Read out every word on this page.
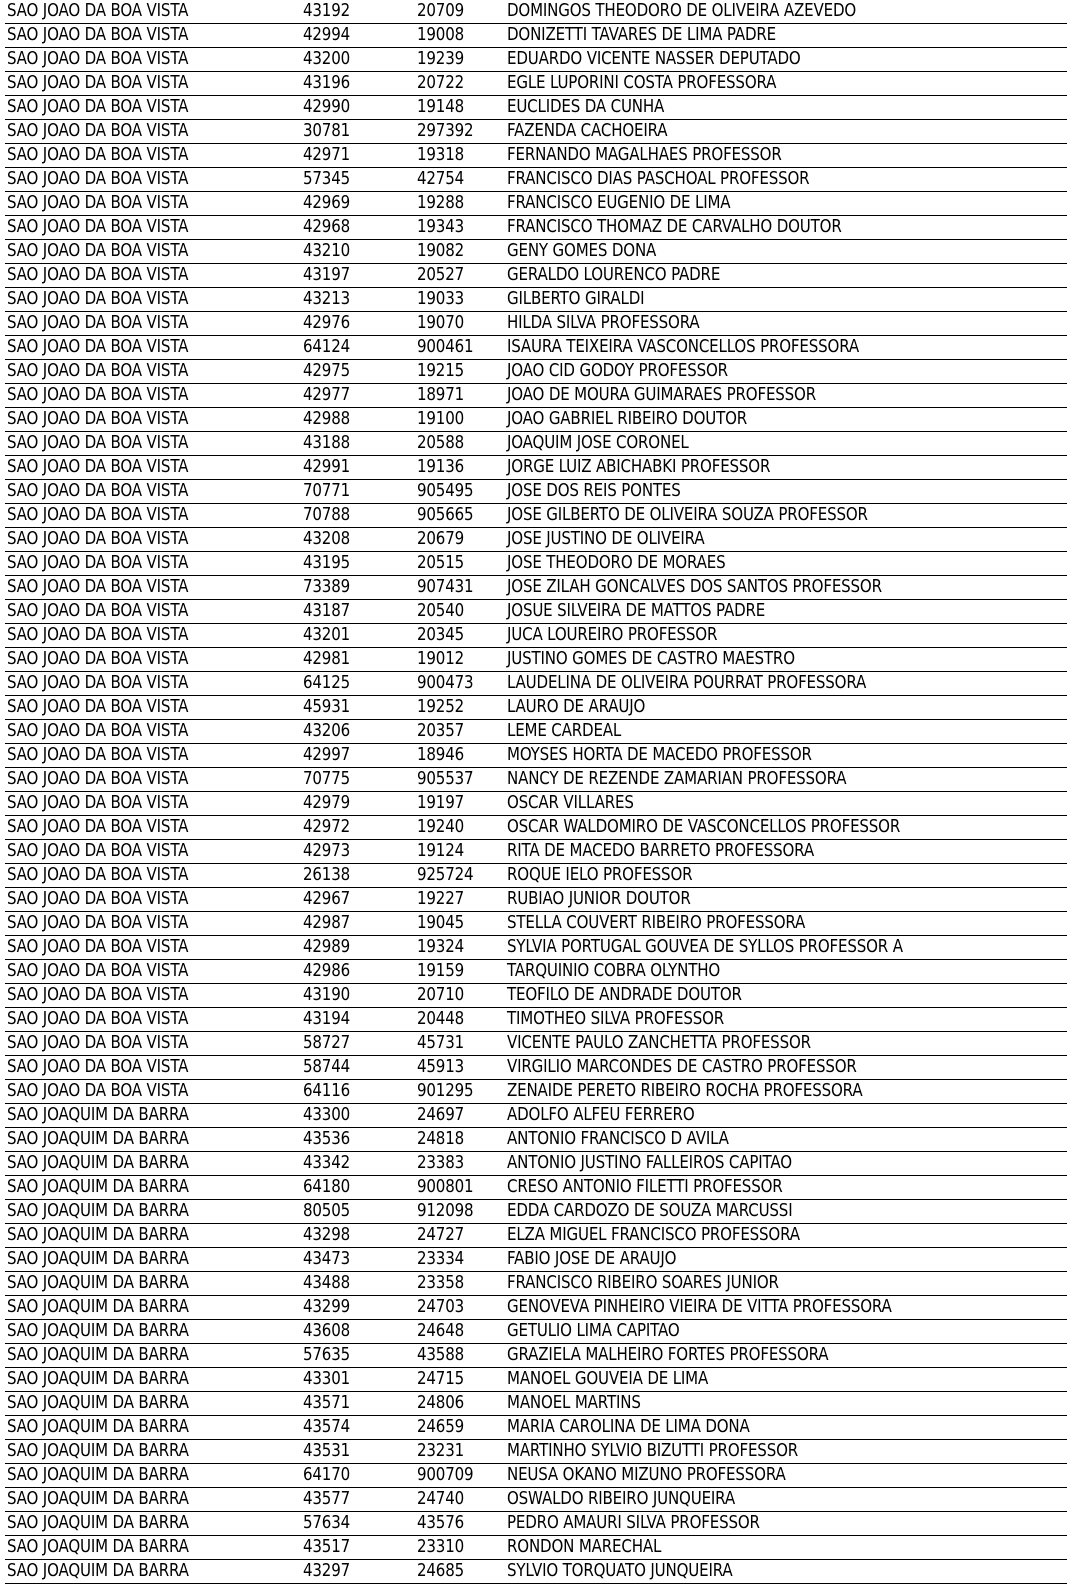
SAO JOAO DA BOA VISTA	43192	20709	DOMINGOS THEODORO DE OLIVEIRA AZEVEDO
SAO JOAO DA BOA VISTA	42994	19008	DONIZETTI TAVARES DE LIMA PADRE
SAO JOAO DA BOA VISTA	43200	19239	EDUARDO VICENTE NASSER DEPUTADO
SAO JOAO DA BOA VISTA	43196	20722	EGLE LUPORINI COSTA PROFESSORA
SAO JOAO DA BOA VISTA	42990	19148	EUCLIDES DA CUNHA
SAO JOAO DA BOA VISTA	30781	297392	FAZENDA CACHOEIRA
SAO JOAO DA BOA VISTA	42971	19318	FERNANDO MAGALHAES PROFESSOR
SAO JOAO DA BOA VISTA	57345	42754	FRANCISCO DIAS PASCHOAL PROFESSOR
SAO JOAO DA BOA VISTA	42969	19288	FRANCISCO EUGENIO DE LIMA
SAO JOAO DA BOA VISTA	42968	19343	FRANCISCO THOMAZ DE CARVALHO DOUTOR
SAO JOAO DA BOA VISTA	43210	19082	GENY GOMES DONA
SAO JOAO DA BOA VISTA	43197	20527	GERALDO LOURENCO PADRE
SAO JOAO DA BOA VISTA	43213	19033	GILBERTO GIRALDI
SAO JOAO DA BOA VISTA	42976	19070	HILDA SILVA PROFESSORA
SAO JOAO DA BOA VISTA	64124	900461	ISAURA TEIXEIRA VASCONCELLOS PROFESSORA
SAO JOAO DA BOA VISTA	42975	19215	JOAO CID GODOY PROFESSOR
SAO JOAO DA BOA VISTA	42977	18971	JOAO DE MOURA GUIMARAES PROFESSOR
SAO JOAO DA BOA VISTA	42988	19100	JOAO GABRIEL RIBEIRO DOUTOR
SAO JOAO DA BOA VISTA	43188	20588	JOAQUIM JOSE CORONEL
SAO JOAO DA BOA VISTA	42991	19136	JORGE LUIZ ABICHABKI PROFESSOR
SAO JOAO DA BOA VISTA	70771	905495	JOSE DOS REIS PONTES
SAO JOAO DA BOA VISTA	70788	905665	JOSE GILBERTO DE OLIVEIRA SOUZA PROFESSOR
SAO JOAO DA BOA VISTA	43208	20679	JOSE JUSTINO DE OLIVEIRA
SAO JOAO DA BOA VISTA	43195	20515	JOSE THEODORO DE MORAES
SAO JOAO DA BOA VISTA	73389	907431	JOSE ZILAH GONCALVES DOS SANTOS PROFESSOR
SAO JOAO DA BOA VISTA	43187	20540	JOSUE SILVEIRA DE MATTOS PADRE
SAO JOAO DA BOA VISTA	43201	20345	JUCA LOUREIRO PROFESSOR
SAO JOAO DA BOA VISTA	42981	19012	JUSTINO GOMES DE CASTRO MAESTRO
SAO JOAO DA BOA VISTA	64125	900473	LAUDELINA DE OLIVEIRA POURRAT PROFESSORA
SAO JOAO DA BOA VISTA	45931	19252	LAURO DE ARAUJO
SAO JOAO DA BOA VISTA	43206	20357	LEME CARDEAL
SAO JOAO DA BOA VISTA	42997	18946	MOYSES HORTA DE MACEDO PROFESSOR
SAO JOAO DA BOA VISTA	70775	905537	NANCY DE REZENDE ZAMARIAN PROFESSORA
SAO JOAO DA BOA VISTA	42979	19197	OSCAR VILLARES
SAO JOAO DA BOA VISTA	42972	19240	OSCAR WALDOMIRO DE VASCONCELLOS PROFESSOR
SAO JOAO DA BOA VISTA	42973	19124	RITA DE MACEDO BARRETO PROFESSORA
SAO JOAO DA BOA VISTA	26138	925724	ROQUE IELO PROFESSOR
SAO JOAO DA BOA VISTA	42967	19227	RUBIAO JUNIOR DOUTOR
SAO JOAO DA BOA VISTA	42987	19045	STELLA COUVERT RIBEIRO PROFESSORA
SAO JOAO DA BOA VISTA	42989	19324	SYLVIA PORTUGAL GOUVEA DE SYLLOS PROFESSOR A
SAO JOAO DA BOA VISTA	42986	19159	TARQUINIO COBRA OLYNTHO
SAO JOAO DA BOA VISTA	43190	20710	TEOFILO DE ANDRADE DOUTOR
SAO JOAO DA BOA VISTA	43194	20448	TIMOTHEO SILVA PROFESSOR
SAO JOAO DA BOA VISTA	58727	45731	VICENTE PAULO ZANCHETTA PROFESSOR
SAO JOAO DA BOA VISTA	58744	45913	VIRGILIO MARCONDES DE CASTRO PROFESSOR
SAO JOAO DA BOA VISTA	64116	901295	ZENAIDE PERETO RIBEIRO ROCHA PROFESSORA
SAO JOAQUIM DA BARRA	43300	24697	ADOLFO ALFEU FERRERO
SAO JOAQUIM DA BARRA	43536	24818	ANTONIO FRANCISCO D AVILA
SAO JOAQUIM DA BARRA	43342	23383	ANTONIO JUSTINO FALLEIROS CAPITAO
SAO JOAQUIM DA BARRA	64180	900801	CRESO ANTONIO FILETTI PROFESSOR
SAO JOAQUIM DA BARRA	80505	912098	EDDA CARDOZO DE SOUZA MARCUSSI
SAO JOAQUIM DA BARRA	43298	24727	ELZA MIGUEL FRANCISCO PROFESSORA
SAO JOAQUIM DA BARRA	43473	23334	FABIO JOSE DE ARAUJO
SAO JOAQUIM DA BARRA	43488	23358	FRANCISCO RIBEIRO SOARES JUNIOR
SAO JOAQUIM DA BARRA	43299	24703	GENOVEVA PINHEIRO VIEIRA DE VITTA PROFESSORA
SAO JOAQUIM DA BARRA	43608	24648	GETULIO LIMA CAPITAO
SAO JOAQUIM DA BARRA	57635	43588	GRAZIELA MALHEIRO FORTES PROFESSORA
SAO JOAQUIM DA BARRA	43301	24715	MANOEL GOUVEIA DE LIMA
SAO JOAQUIM DA BARRA	43571	24806	MANOEL MARTINS
SAO JOAQUIM DA BARRA	43574	24659	MARIA CAROLINA DE LIMA DONA
SAO JOAQUIM DA BARRA	43531	23231	MARTINHO SYLVIO BIZUTTI PROFESSOR
SAO JOAQUIM DA BARRA	64170	900709	NEUSA OKANO MIZUNO PROFESSORA
SAO JOAQUIM DA BARRA	43577	24740	OSWALDO RIBEIRO JUNQUEIRA
SAO JOAQUIM DA BARRA	57634	43576	PEDRO AMAURI SILVA PROFESSOR
SAO JOAQUIM DA BARRA	43517	23310	RONDON MARECHAL
SAO JOAQUIM DA BARRA	43297	24685	SYLVIO TORQUATO JUNQUEIRA
